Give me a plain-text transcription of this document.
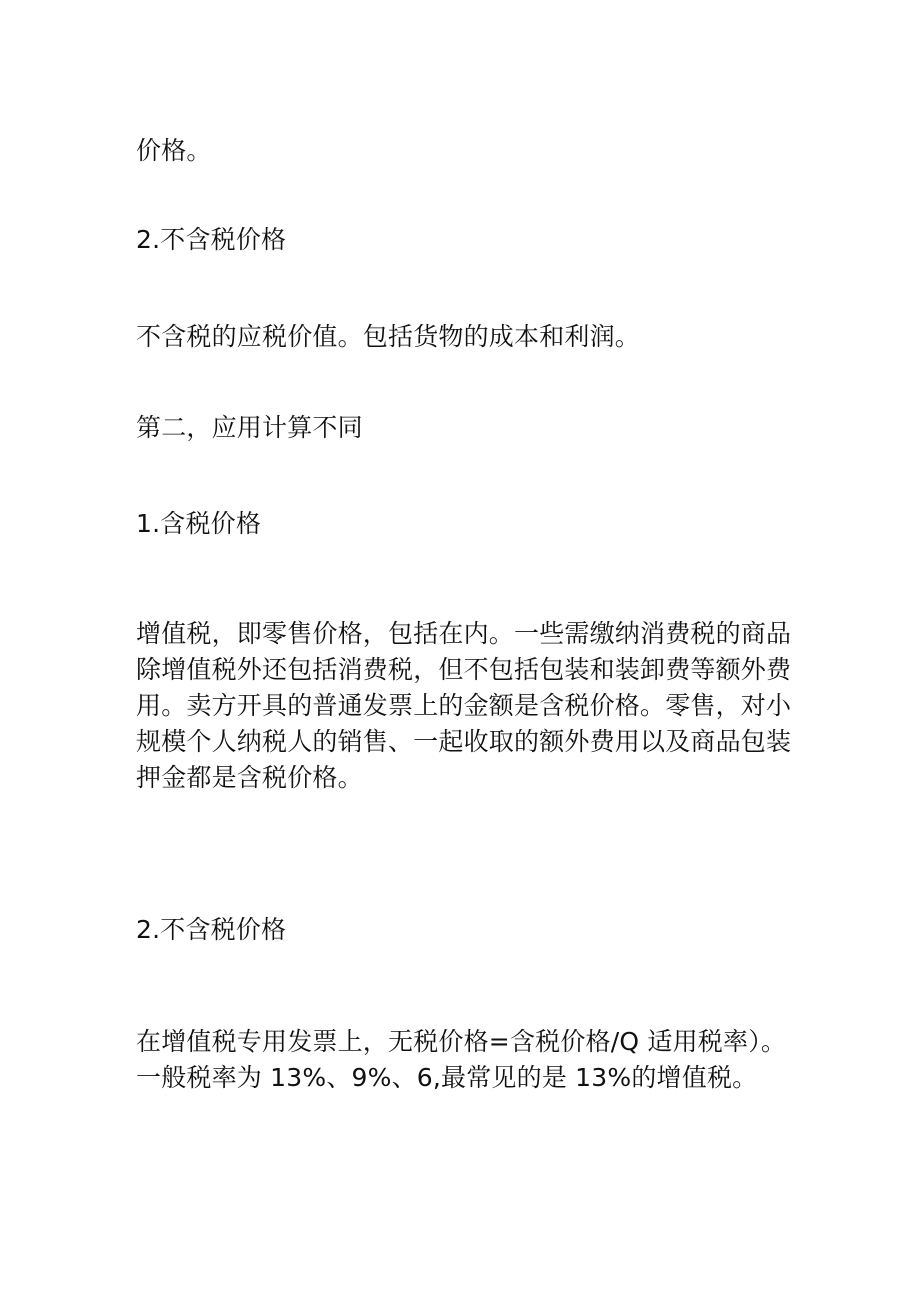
价格。

2.不含税价格

不含税的应税价值。包括货物的成本和利润。

第二，应用计算不同

1.含税价格

增值税，即零售价格，包括在内。一些需缴纳消费税的商品
除增值税外还包括消费税，但不包括包装和装卸费等额外费
用。卖方开具的普通发票上的金额是含税价格。零售，对小
规模个人纳税人的销售、一起收取的额外费用以及商品包装
押金都是含税价格。

2.不含税价格

在增值税专用发票上，无税价格=含税价格/Q 适用税率）。
一般税率为 13%、9%、6,最常见的是 13%的增值税。
